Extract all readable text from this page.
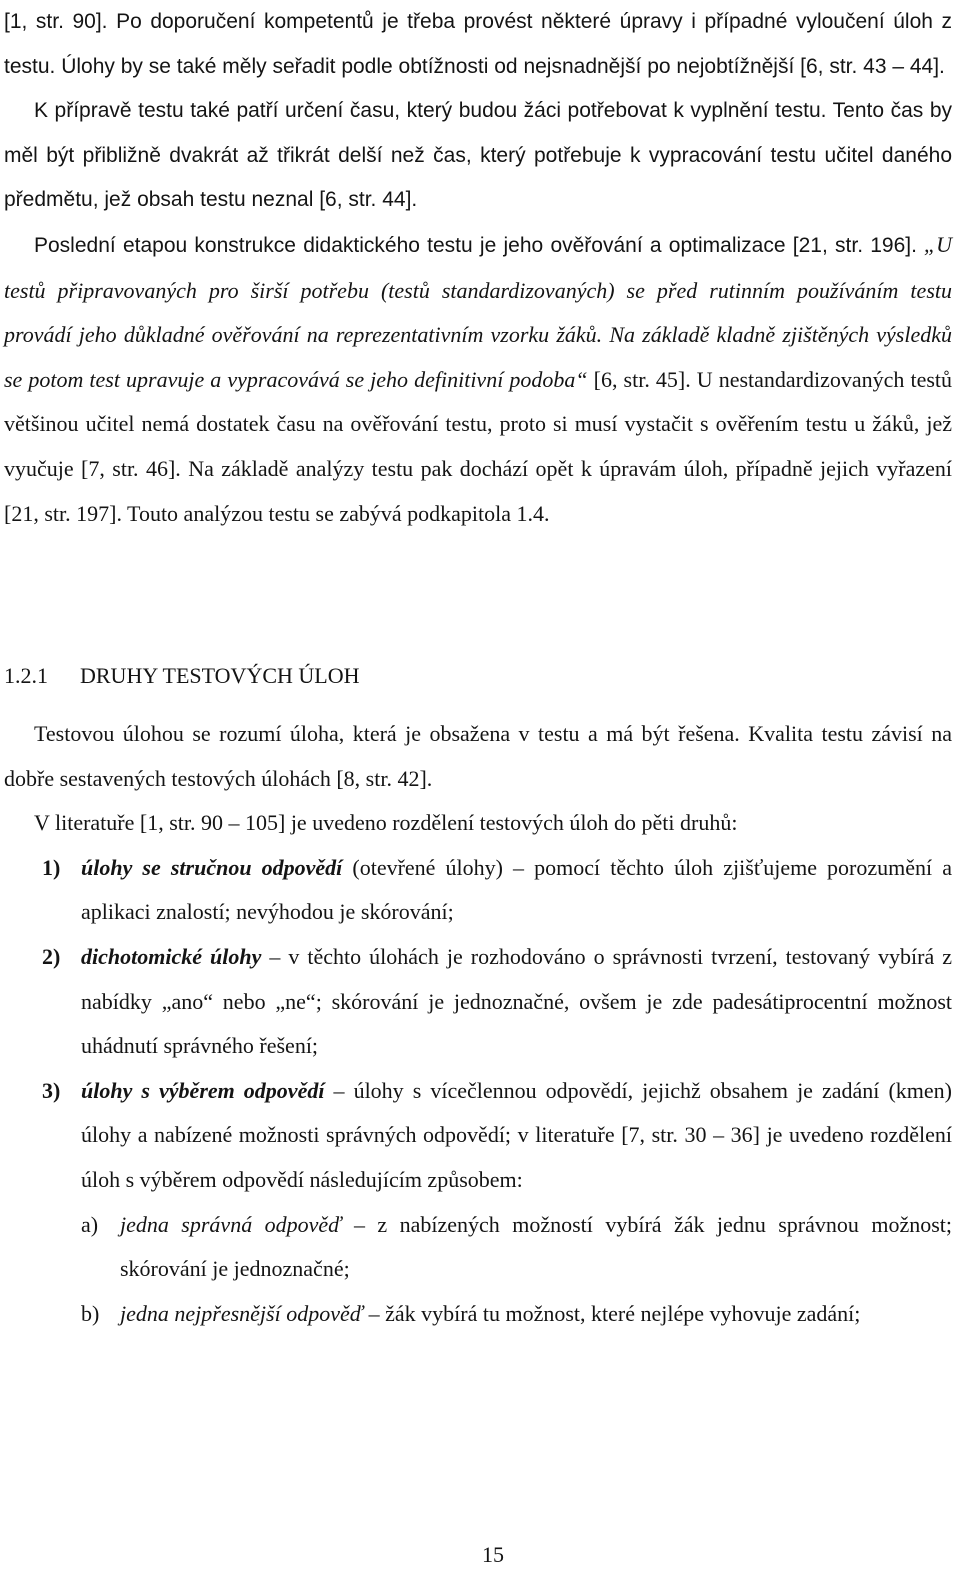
[1, str. 90]. Po doporučení kompetentů je třeba provést některé úpravy i případné vyloučení úloh z testu. Úlohy by se také měly seřadit podle obtížnosti od nejsnadnější po nejobtížnější [6, str. 43 – 44].

K přípravě testu také patří určení času, který budou žáci potřebovat k vyplnění testu. Tento čas by měl být přibližně dvakrát až třikrát delší než čas, který potřebuje k vypracování testu učitel daného předmětu, jež obsah testu neznal [6, str. 44].

Poslední etapou konstrukce didaktického testu je jeho ověřování a optimalizace [21, str. 196]. „U testů připravovaných pro širší potřebu (testů standardizovaných) se před rutinním používáním testu provádí jeho důkladné ověřování na reprezentativním vzorku žáků. Na základě kladně zjištěných výsledků se potom test upravuje a vypracovává se jeho definitivní podoba“ [6, str. 45]. U nestandardizovaných testů většinou učitel nemá dostatek času na ověřování testu, proto si musí vystačit s ověřením testu u žáků, jež vyučuje [7, str. 46]. Na základě analýzy testu pak dochází opět k úpravám úloh, případně jejich vyřazení [21, str. 197]. Touto analýzou testu se zabývá podkapitola 1.4.

1.2.1 DRUHY TESTOVÝCH ÚLOH

Testovou úlohou se rozumí úloha, která je obsažena v testu a má být řešena. Kvalita testu závisí na dobře sestavených testových úlohách [8, str. 42].

V literatuře [1, str. 90 – 105] je uvedeno rozdělení testových úloh do pěti druhů:

1) úlohy se stručnou odpovědí (otevřené úlohy) – pomocí těchto úloh zjišťujeme porozumění a aplikaci znalostí; nevýhodou je skórování;

2) dichotomické úlohy – v těchto úlohách je rozhodováno o správnosti tvrzení, testovaný vybírá z nabídky „ano“ nebo „ne“; skórování je jednoznačné, ovšem je zde padesátiprocentní možnost uhádnutí správného řešení;

3) úlohy s výběrem odpovědí – úlohy s vícečlennou odpovědí, jejichž obsahem je zadání (kmen) úlohy a nabízené možnosti správných odpovědí; v literatuře [7, str. 30 – 36] je uvedeno rozdělení úloh s výběrem odpovědí následujícím způsobem:

a) jedna správná odpověď – z nabízených možností vybírá žák jednu správnou možnost; skórování je jednoznačné;

b) jedna nejpřesnější odpověď – žák vybírá tu možnost, které nejlépe vyhovuje zadání;

15
